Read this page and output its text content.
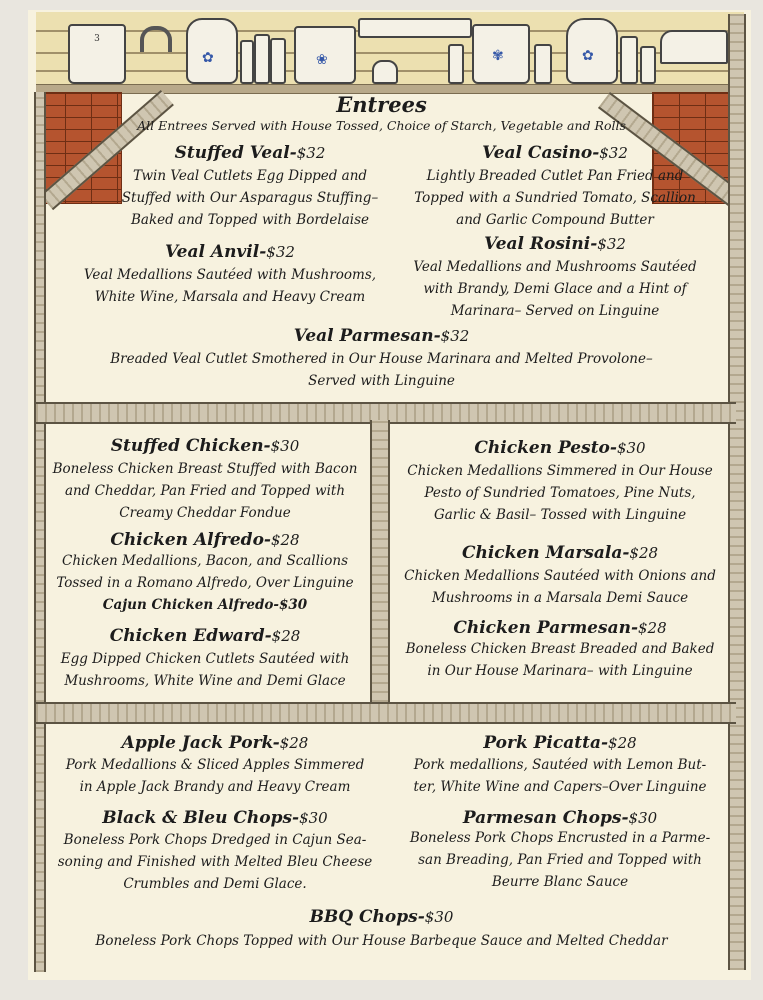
3
✿	❀	✾	✿
Entrees
All Entrees Served with House Tossed, Choice of Starch, Vegetable and Rolls
Stuffed Veal-$32
Twin Veal Cutlets Egg Dipped and
Stuffed with Our Asparagus Stuffing–
Baked and Topped with Bordelaise
Veal Casino-$32
Lightly Breaded Cutlet Pan Fried and
Topped with a Sundried Tomato, Scallion
and Garlic Compound Butter
Veal Anvil-$32
Veal Medallions Sautéed with Mushrooms,
White Wine, Marsala and Heavy Cream
Veal Rosini-$32
Veal Medallions and Mushrooms Sautéed
with Brandy, Demi Glace and a Hint of
Marinara– Served on Linguine
Veal Parmesan-$32
Breaded Veal Cutlet Smothered in Our House Marinara and Melted Provolone–
Served with Linguine
Stuffed Chicken-$30
Boneless Chicken Breast Stuffed with Bacon
and Cheddar, Pan Fried and Topped with
Creamy Cheddar Fondue
Chicken Alfredo-$28
Chicken Medallions, Bacon, and Scallions
Tossed in a Romano Alfredo, Over Linguine
Cajun Chicken Alfredo-$30
Chicken Edward-$28
Egg Dipped Chicken Cutlets Sautéed with
Mushrooms, White Wine and Demi Glace
Chicken Pesto-$30
Chicken Medallions Simmered in Our House
Pesto of Sundried Tomatoes, Pine Nuts,
Garlic & Basil– Tossed with Linguine
Chicken Marsala-$28
Chicken Medallions Sautéed with Onions and
Mushrooms in a Marsala Demi Sauce
Chicken Parmesan-$28
Boneless Chicken Breast Breaded and Baked
in Our House Marinara– with Linguine
Apple Jack Pork-$28
Pork Medallions & Sliced Apples Simmered
in Apple Jack Brandy and Heavy Cream
Pork Picatta-$28
Pork medallions, Sautéed with Lemon But-
ter, White Wine and Capers–Over Linguine
Black & Bleu Chops-$30
Boneless Pork Chops Dredged in Cajun Sea-
soning and Finished with Melted Bleu Cheese
Crumbles and Demi Glace.
Parmesan Chops-$30
Boneless Pork Chops Encrusted in a Parme-
san Breading, Pan Fried and Topped with
Beurre Blanc Sauce
BBQ Chops-$30
Boneless Pork Chops Topped with Our House Barbeque Sauce and Melted Cheddar
